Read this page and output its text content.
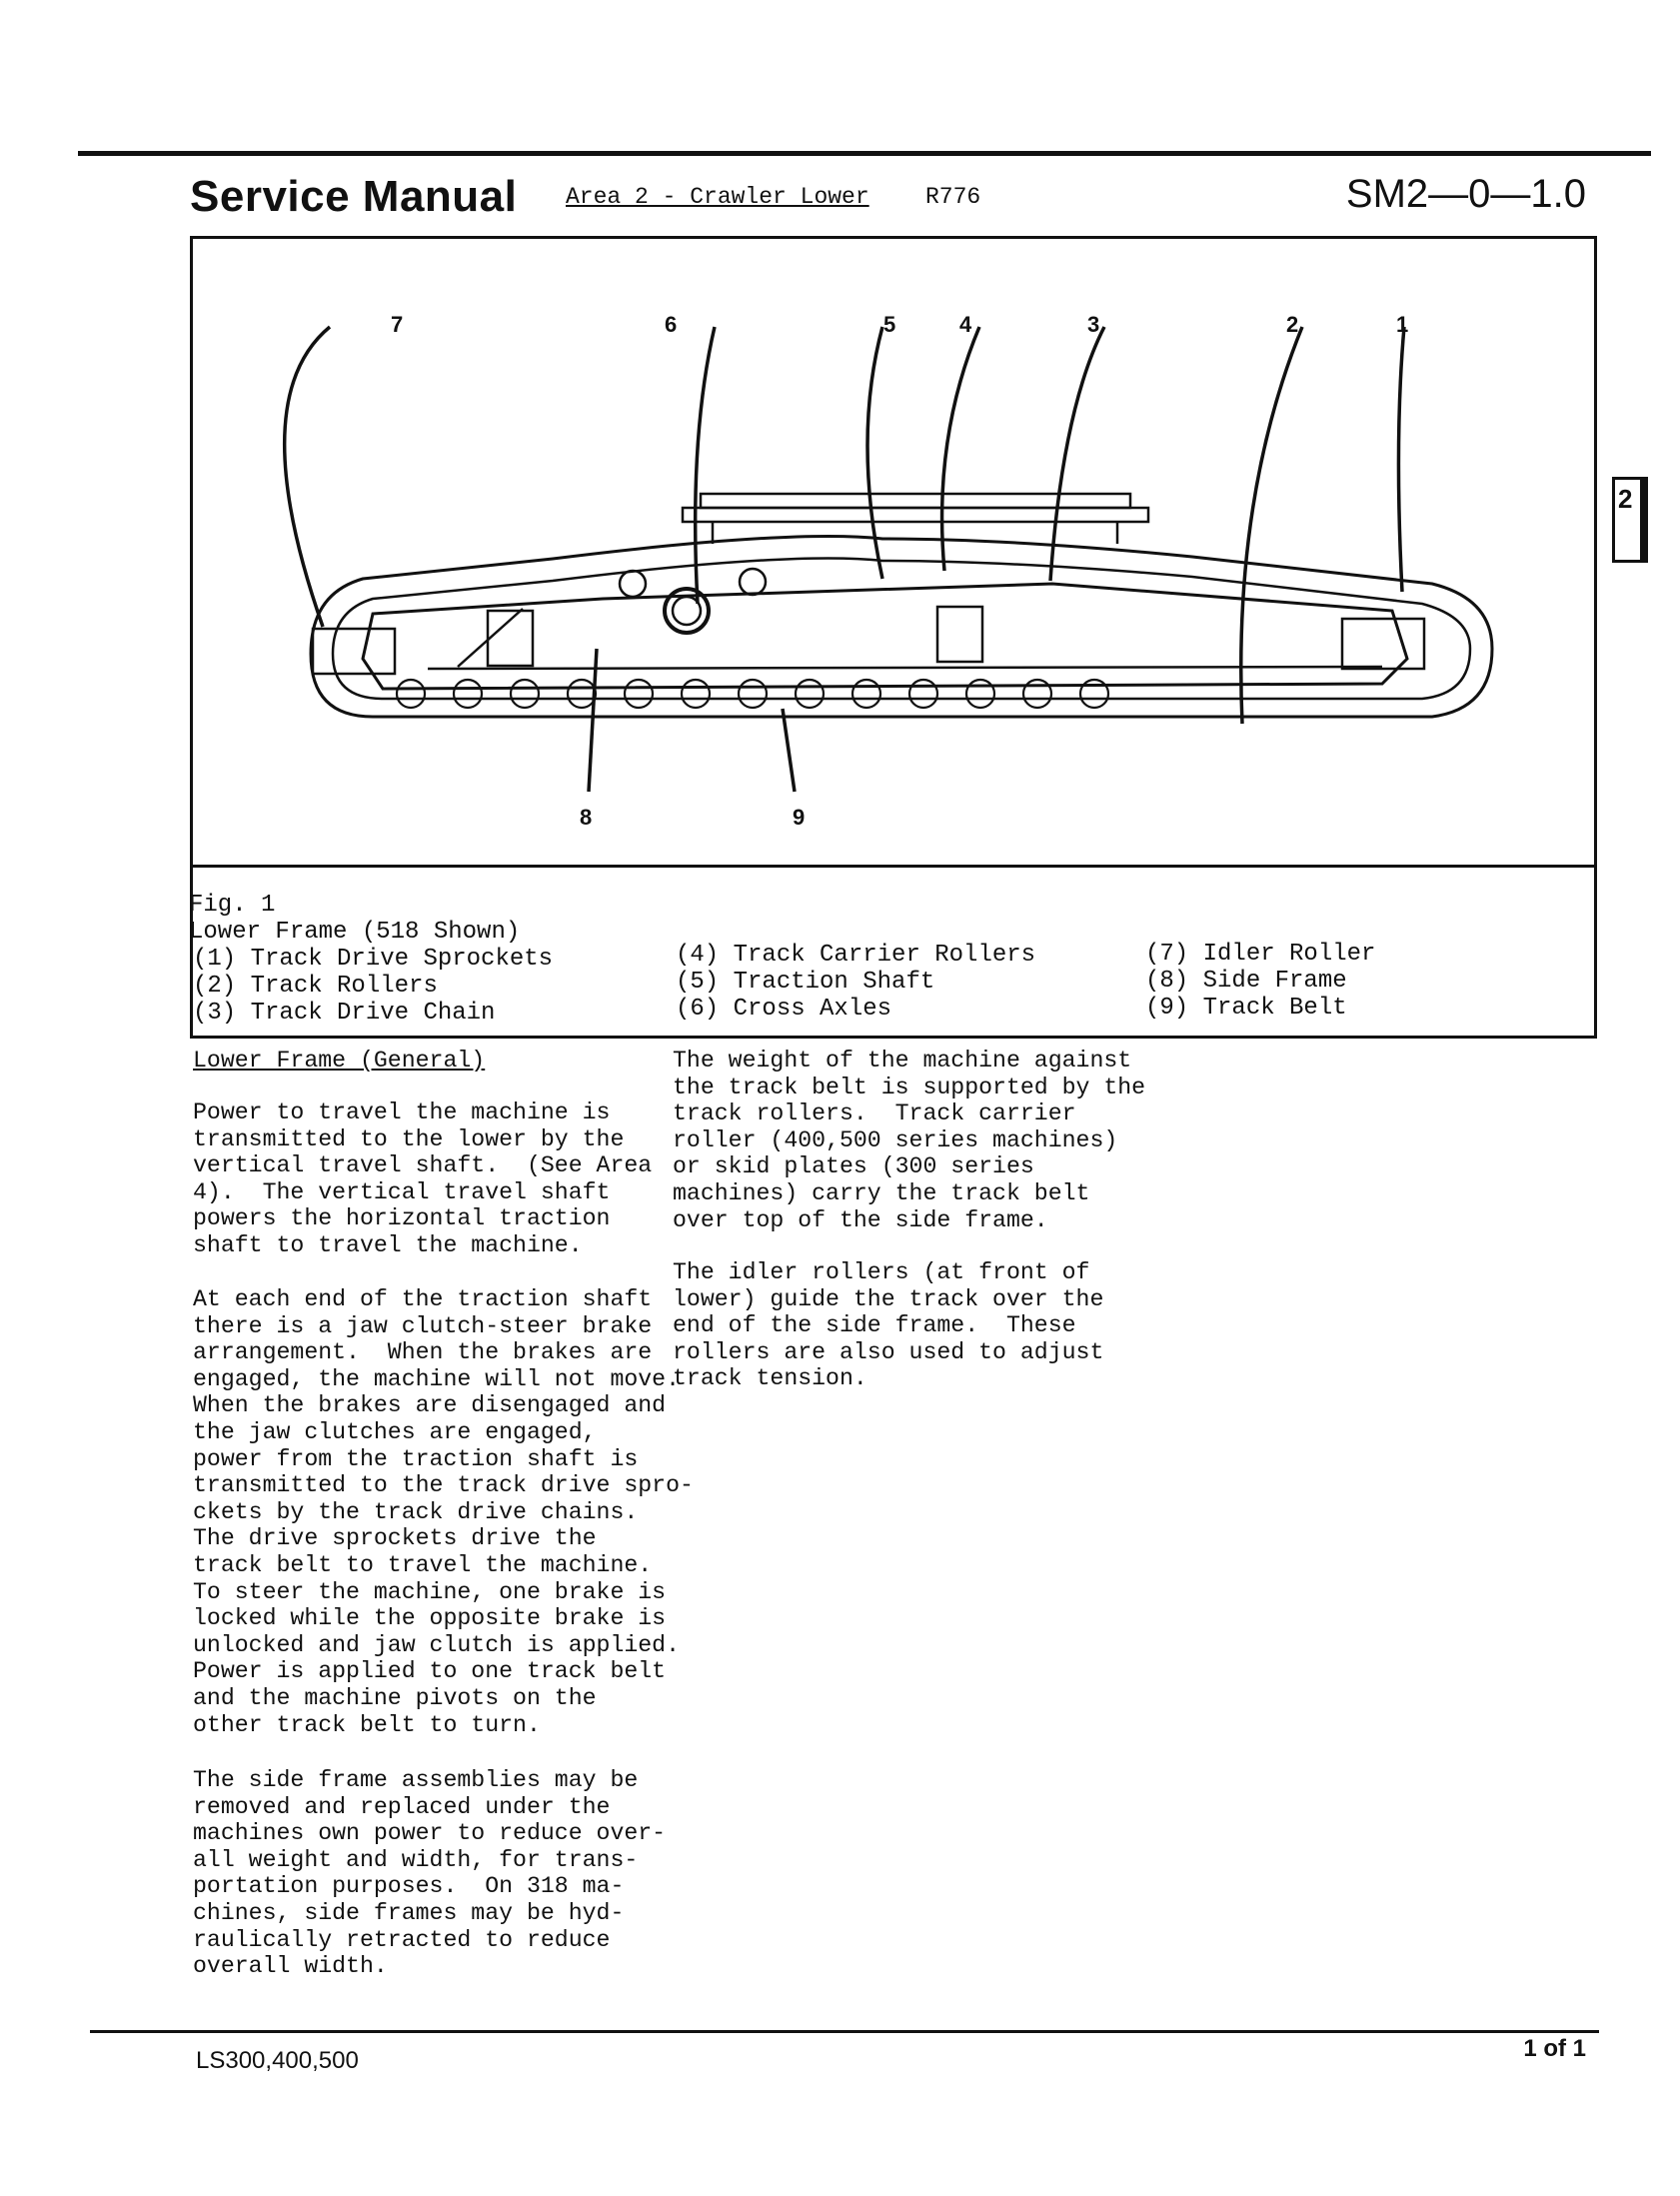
Service Manual Area 2 - Crawler Lower R776	SM2—0—1.0
2
1
2
3
4
5
6
7
8	9
Fig. 1
Lower Frame (518 Shown)
(1) Track Drive Sprockets
(2) Track Rollers
(3) Track Drive Chain
(4) Track Carrier Rollers
(5) Traction Shaft
(6) Cross Axles
(7) Idler Roller
(8) Side Frame
(9) Track Belt
Lower Frame (General)
Power to travel the machine is
transmitted to the lower by the
vertical travel shaft.  (See Area
4).  The vertical travel shaft
powers the horizontal traction
shaft to travel the machine.
At each end of the traction shaft
there is a jaw clutch-steer brake
arrangement.  When the brakes are
engaged, the machine will not move.
When the brakes are disengaged and
the jaw clutches are engaged,
power from the traction shaft is
transmitted to the track drive spro-
ckets by the track drive chains.
The drive sprockets drive the
track belt to travel the machine.
To steer the machine, one brake is
locked while the opposite brake is
unlocked and jaw clutch is applied.
Power is applied to one track belt
and the machine pivots on the
other track belt to turn.
The side frame assemblies may be
removed and replaced under the
machines own power to reduce over-
all weight and width, for trans-
portation purposes.  On 318 ma-
chines, side frames may be hyd-
raulically retracted to reduce
overall width.
The weight of the machine against
the track belt is supported by the
track rollers.  Track carrier
roller (400,500 series machines)
or skid plates (300 series
machines) carry the track belt
over top of the side frame.
The idler rollers (at front of
lower) guide the track over the
end of the side frame.  These
rollers are also used to adjust
track tension.
LS300,400,500	1 of 1
